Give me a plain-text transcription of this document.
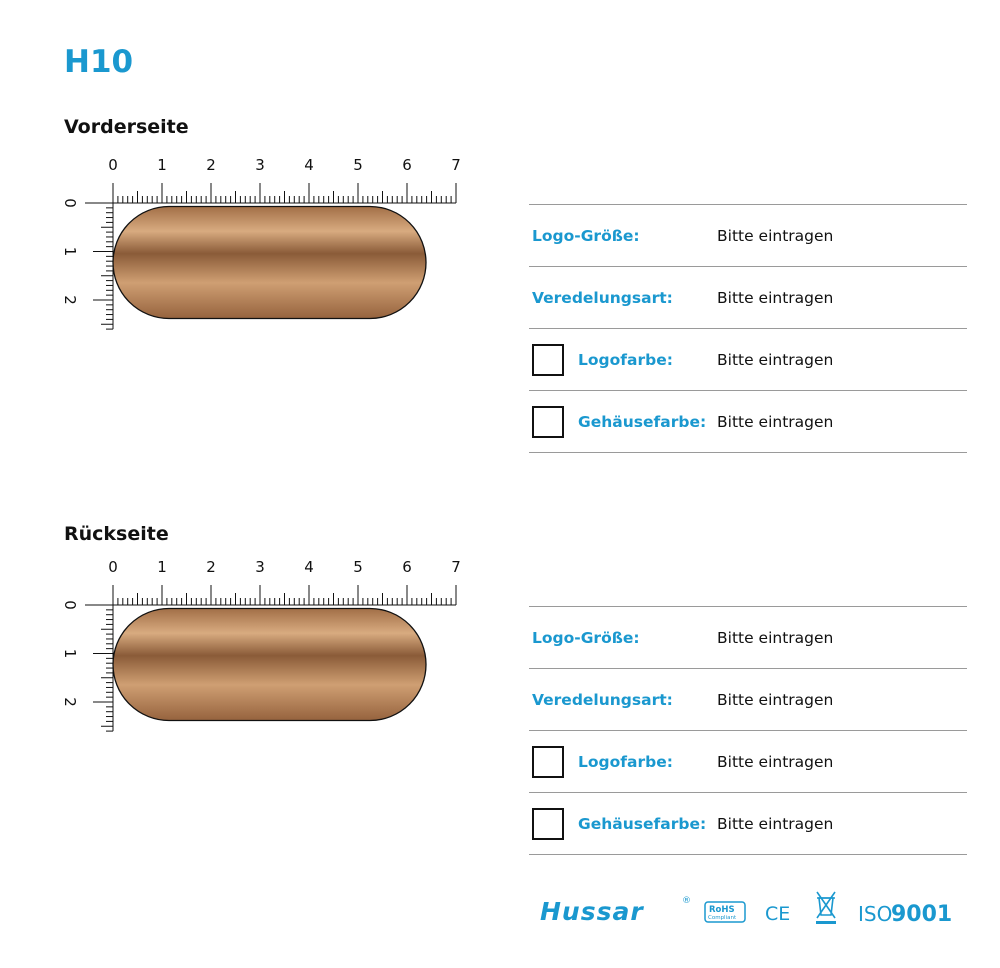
H10
Vorderseite
0	1	2	3	4	5	6	7
0
1
2
Logo-Größe:	Bitte eintragen
Veredelungsart:	Bitte eintragen
Logofarbe:	Bitte eintragen
Gehäusefarbe: Bitte eintragen
Rückseite
0	1	2	3	4	5	6	7
0
1
2
Logo-Größe:	Bitte eintragen
Veredelungsart:	Bitte eintragen
Logofarbe:	Bitte eintragen
Gehäusefarbe: Bitte eintragen
Hussar	®
RoHS
Compliant CE	ISO
9001
